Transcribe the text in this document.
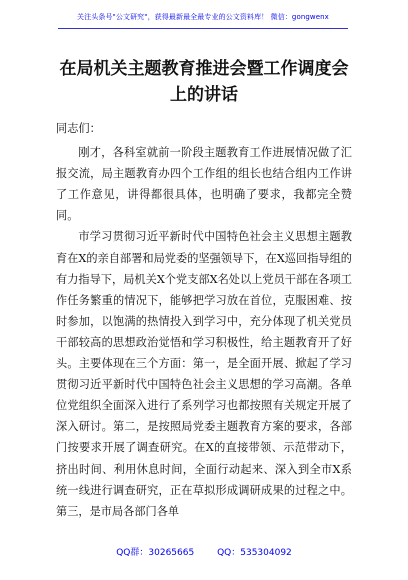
关注头条号"公文研究"，获得最新最全最专业的公文资料库！ 微信：gongwenx
在局机关主题教育推进会暨工作调度会上的讲话

同志们：

刚才，各科室就前一阶段主题教育工作进展情况做了汇报交流，局主题教育办四个工作组的组长也结合组内工作讲了工作意见，讲得都很具体，也明确了要求，我都完全赞同。

市学习贯彻习近平新时代中国特色社会主义思想主题教育在X的亲自部署和局党委的坚强领导下，在X巡回指导组的有力指导下，局机关X个党支部X名处以上党员干部在各项工作任务繁重的情况下，能够把学习放在首位，克服困难、按时参加，以饱满的热情投入到学习中，充分体现了机关党员干部较高的思想政治觉悟和学习积极性，给主题教育开了好头。主要体现在三个方面：第一，是全面开展、掀起了学习贯彻习近平新时代中国特色社会主义思想的学习高潮。各单位党组织全面深入进行了系列学习也都按照有关规定开展了深入研讨。第二，是按照局党委主题教育方案的要求，各部门按要求开展了调查研究。在X的直接带领、示范带动下，挤出时间、利用休息时间，全面行动起来、深入到全市X系统一线进行调查研究，正在草拟形成调研成果的过程之中。第三，是市局各部门各单

QQ群：30265665	QQ：535304092
